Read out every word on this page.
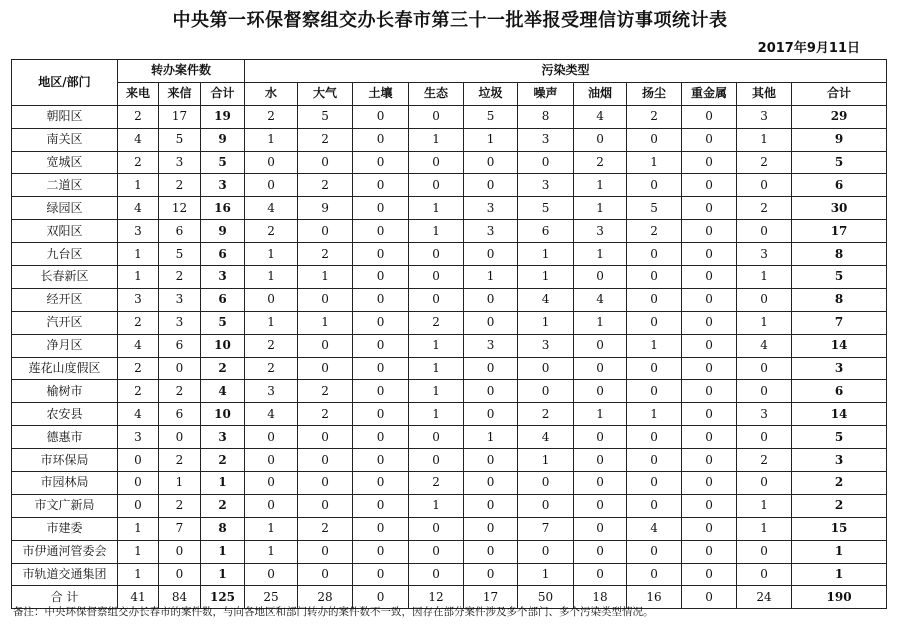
中央第一环保督察组交办长春市第三十一批举报受理信访事项统计表
2017年9月11日
地区/部门	转办案件数			污染类型										
	来电	来信	合计	水	大气	土壤	生态	垃圾	噪声	油烟	扬尘	重金属	其他	合计
朝阳区	2	17	19	2	5	0	0	5	8	4	2	0	3	29
南关区	4	5	9	1	2	0	1	1	3	0	0	0	1	9
宽城区	2	3	5	0	0	0	0	0	0	2	1	0	2	5
二道区	1	2	3	0	2	0	0	0	3	1	0	0	0	6
绿园区	4	12	16	4	9	0	1	3	5	1	5	0	2	30
双阳区	3	6	9	2	0	0	1	3	6	3	2	0	0	17
九台区	1	5	6	1	2	0	0	0	1	1	0	0	3	8
长春新区	1	2	3	1	1	0	0	1	1	0	0	0	1	5
经开区	3	3	6	0	0	0	0	0	4	4	0	0	0	8
汽开区	2	3	5	1	1	0	2	0	1	1	0	0	1	7
净月区	4	6	10	2	0	0	1	3	3	0	1	0	4	14
莲花山度假区	2	0	2	2	0	0	1	0	0	0	0	0	0	3
榆树市	2	2	4	3	2	0	1	0	0	0	0	0	0	6
农安县	4	6	10	4	2	0	1	0	2	1	1	0	3	14
德惠市	3	0	3	0	0	0	0	1	4	0	0	0	0	5
市环保局	0	2	2	0	0	0	0	0	1	0	0	0	2	3
市园林局	0	1	1	0	0	0	2	0	0	0	0	0	0	2
市文广新局	0	2	2	0	0	0	1	0	0	0	0	0	1	2
市建委	1	7	8	1	2	0	0	0	7	0	4	0	1	15
市伊通河管委会	1	0	1	1	0	0	0	0	0	0	0	0	0	1
市轨道交通集团	1	0	1	0	0	0	0	0	1	0	0	0	0	1
合 计	41	84	125	25	28	0	12	17	50	18	16	0	24	190
备注：中央环保督察组交办长春市的案件数，与向各地区和部门转办的案件数不一致，因存在部分案件涉及多个部门、多个污染类型情况。
